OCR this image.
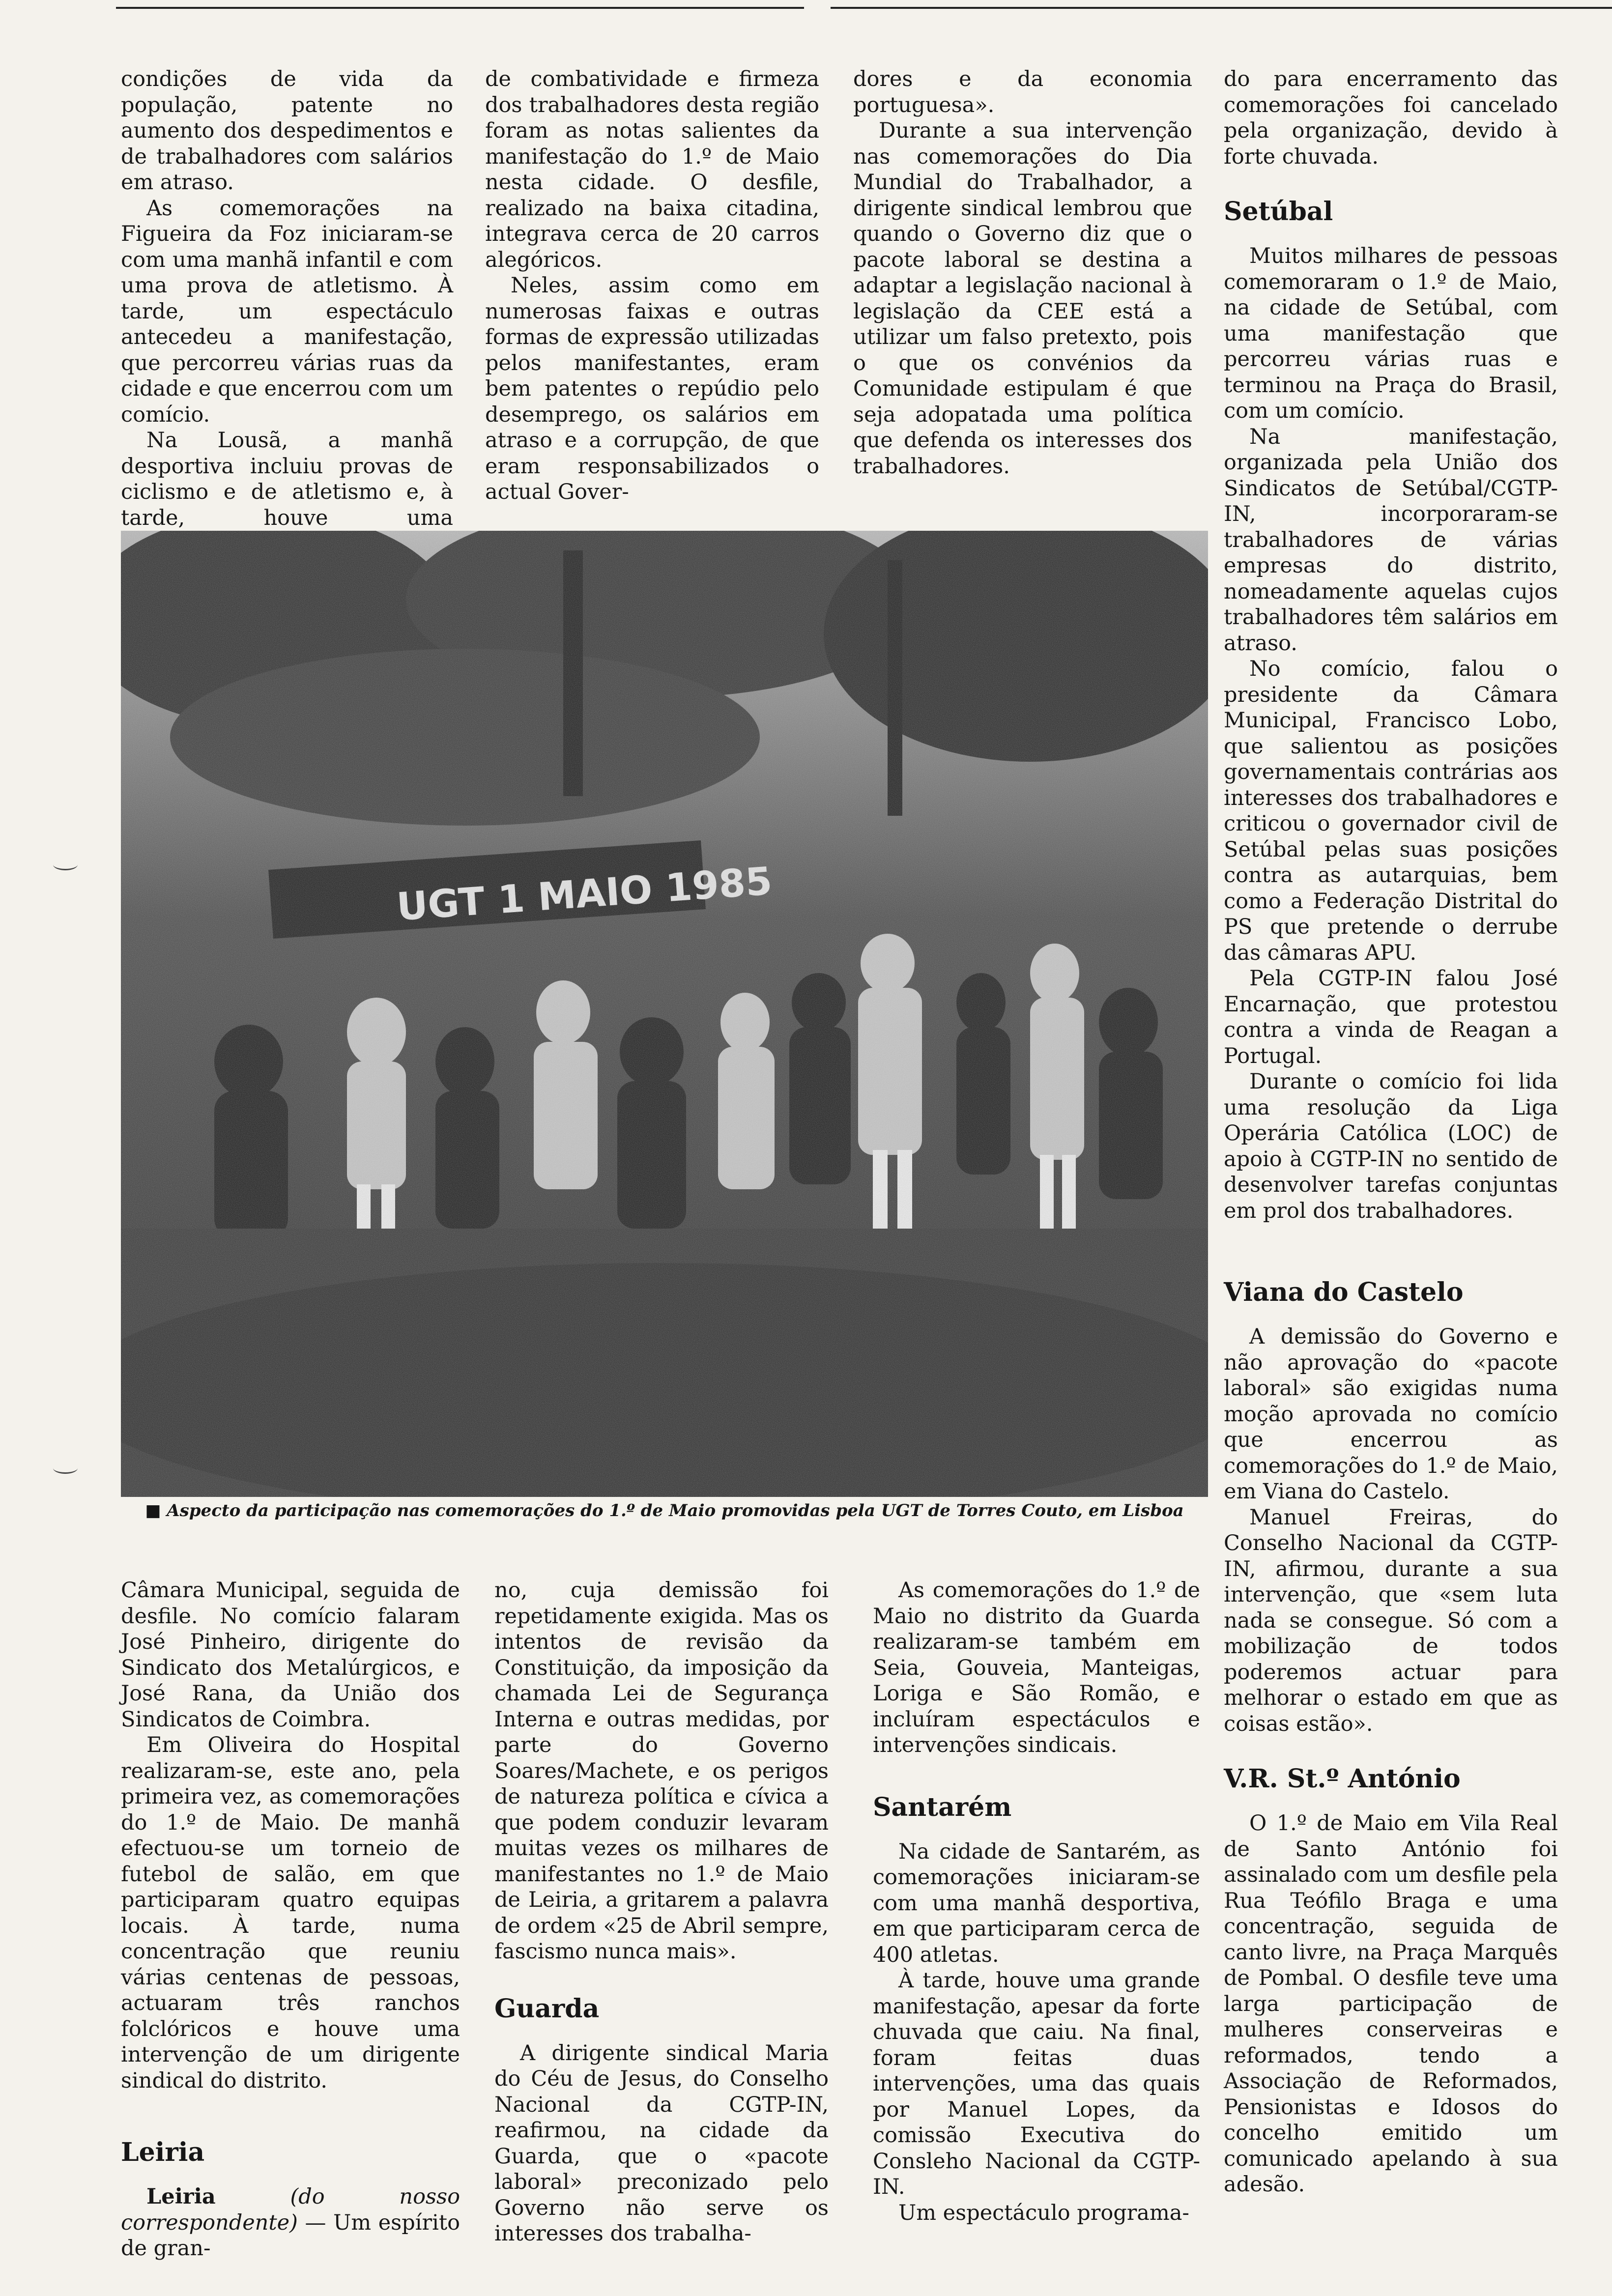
condições de vida da população, patente no aumento dos despedimentos e de trabalhadores com salários em atraso.

As comemorações na Figueira da Foz iniciaram-se com uma manhã infantil e com uma prova de atletismo. À tarde, um espectáculo antecedeu a manifestação, que percorreu várias ruas da cidade e que encerrou com um comício.

Na Lousã, a manhã desportiva incluiu provas de ciclismo e de atletismo e, à tarde, houve uma

de combatividade e firmeza dos trabalhadores desta região foram as notas salientes da manifestação do 1.º de Maio nesta cidade. O desfile, realizado na baixa citadina, integrava cerca de 20 carros alegóricos.

Neles, assim como em numerosas faixas e outras formas de expressão utilizadas pelos manifestantes, eram bem patentes o repúdio pelo desemprego, os salários em atraso e a corrupção, de que eram responsabilizados o actual Gover-

dores e da economia portuguesa».

Durante a sua intervenção nas comemorações do Dia Mundial do Trabalhador, a dirigente sindical lembrou que quando o Governo diz que o pacote laboral se destina a adaptar a legislação nacional à legislação da CEE está a utilizar um falso pretexto, pois o que os convénios da Comunidade estipulam é que seja adopatada uma política que defenda os interesses dos trabalhadores.

do para encerramento das comemorações foi cancelado pela organização, devido à forte chuvada.

Setúbal

Muitos milhares de pessoas comemoraram o 1.º de Maio, na cidade de Setúbal, com uma manifestação que percorreu várias ruas e terminou na Praça do Brasil, com um comício.

Na manifestação, organizada pela União dos Sindicatos de Setúbal/CGTP-IN, incorporaram-se trabalhadores de várias empresas do distrito, nomeadamente aquelas cujos trabalhadores têm salários em atraso.

No comício, falou o presidente da Câmara Municipal, Francisco Lobo, que salientou as posições governamentais contrárias aos interesses dos trabalhadores e criticou o governador civil de Setúbal pelas suas posições contra as autarquias, bem como a Federação Distrital do PS que pretende o derrube das câmaras APU.

Pela CGTP-IN falou José Encarnação, que protestou contra a vinda de Reagan a Portugal.

Durante o comício foi lida uma resolução da Liga Operária Católica (LOC) de apoio à CGTP-IN no sentido de desenvolver tarefas conjuntas em prol dos trabalhadores.

Viana do Castelo

A demissão do Governo e não aprovação do «pacote laboral» são exigidas numa moção aprovada no comício que encerrou as comemorações do 1.º de Maio, em Viana do Castelo.

Manuel Freiras, do Conselho Nacional da CGTP-IN, afirmou, durante a sua intervenção, que «sem luta nada se consegue. Só com a mobilização de todos poderemos actuar para melhorar o estado em que as coisas estão».

V.R. St.º António

O 1.º de Maio em Vila Real de Santo António foi assinalado com um desfile pela Rua Teófilo Braga e uma concentração, seguida de canto livre, na Praça Marquês de Pombal. O desfile teve uma larga participação de mulheres conserveiras e reformados, tendo a Associação de Reformados, Pensionistas e Idosos do concelho emitido um comunicado apelando à sua adesão.

■ Aspecto da participação nas comemorações do 1.º de Maio promovidas pela UGT de Torres Couto, em Lisboa

Câmara Municipal, seguida de desfile. No comício falaram José Pinheiro, dirigente do Sindicato dos Metalúrgicos, e José Rana, da União dos Sindicatos de Coimbra.

Em Oliveira do Hospital realizaram-se, este ano, pela primeira vez, as comemorações do 1.º de Maio. De manhã efectuou-se um torneio de futebol de salão, em que participaram quatro equipas locais. À tarde, numa concentração que reuniu várias centenas de pessoas, actuaram três ranchos folclóricos e houve uma intervenção de um dirigente sindical do distrito.

Leiria

Leiria	(do nosso correspondente) — Um espírito de gran-

no, cuja demissão foi repetidamente exigida. Mas os intentos de revisão da Constituição, da imposição da chamada Lei de Segurança Interna e outras medidas, por parte do Governo Soares/Machete, e os perigos de natureza política e cívica a que podem conduzir levaram muitas vezes os milhares de manifestantes no 1.º de Maio de Leiria, a gritarem a palavra de ordem «25 de Abril sempre, fascismo nunca mais».

Guarda

A dirigente sindical Maria do Céu de Jesus, do Conselho Nacional da CGTP-IN, reafirmou, na cidade da Guarda, que o «pacote laboral» preconizado pelo Governo não serve os interesses dos trabalha-

As comemorações do 1.º de Maio no distrito da Guarda realizaram-se também em Seia, Gouveia, Manteigas, Loriga e São Romão, e incluíram espectáculos e intervenções sindicais.

Santarém

Na cidade de Santarém, as comemorações iniciaram-se com uma manhã desportiva, em que participaram cerca de 400 atletas.

À tarde, houve uma grande manifestação, apesar da forte chuvada que caiu. Na final, foram feitas duas intervenções, uma das quais por Manuel Lopes, da comissão Executiva do Consleho Nacional da CGTP-IN.

Um espectáculo programa-
